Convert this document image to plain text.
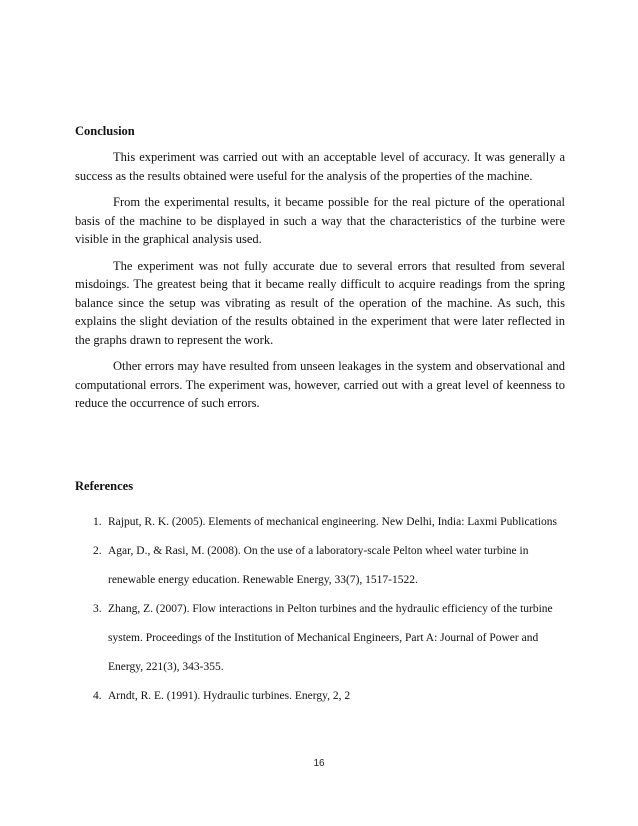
Conclusion

This experiment was carried out with an acceptable level of accuracy. It was generally a success as the results obtained were useful for the analysis of the properties of the machine.

From the experimental results, it became possible for the real picture of the operational basis of the machine to be displayed in such a way that the characteristics of the turbine were visible in the graphical analysis used.

The experiment was not fully accurate due to several errors that resulted from several misdoings. The greatest being that it became really difficult to acquire readings from the spring balance since the setup was vibrating as result of the operation of the machine. As such, this explains the slight deviation of the results obtained in the experiment that were later reflected in the graphs drawn to represent the work.

Other errors may have resulted from unseen leakages in the system and observational and computational errors. The experiment was, however, carried out with a great level of keenness to reduce the occurrence of such errors.

References

1. Rajput, R. K. (2005). Elements of mechanical engineering. New Delhi, India: Laxmi Publications
2. Agar, D., & Rasi, M. (2008). On the use of a laboratory-scale Pelton wheel water turbine in renewable energy education. Renewable Energy, 33(7), 1517-1522.
3. Zhang, Z. (2007). Flow interactions in Pelton turbines and the hydraulic efficiency of the turbine system. Proceedings of the Institution of Mechanical Engineers, Part A: Journal of Power and Energy, 221(3), 343-355.
4. Arndt, R. E. (1991). Hydraulic turbines. Energy, 2, 2
16
